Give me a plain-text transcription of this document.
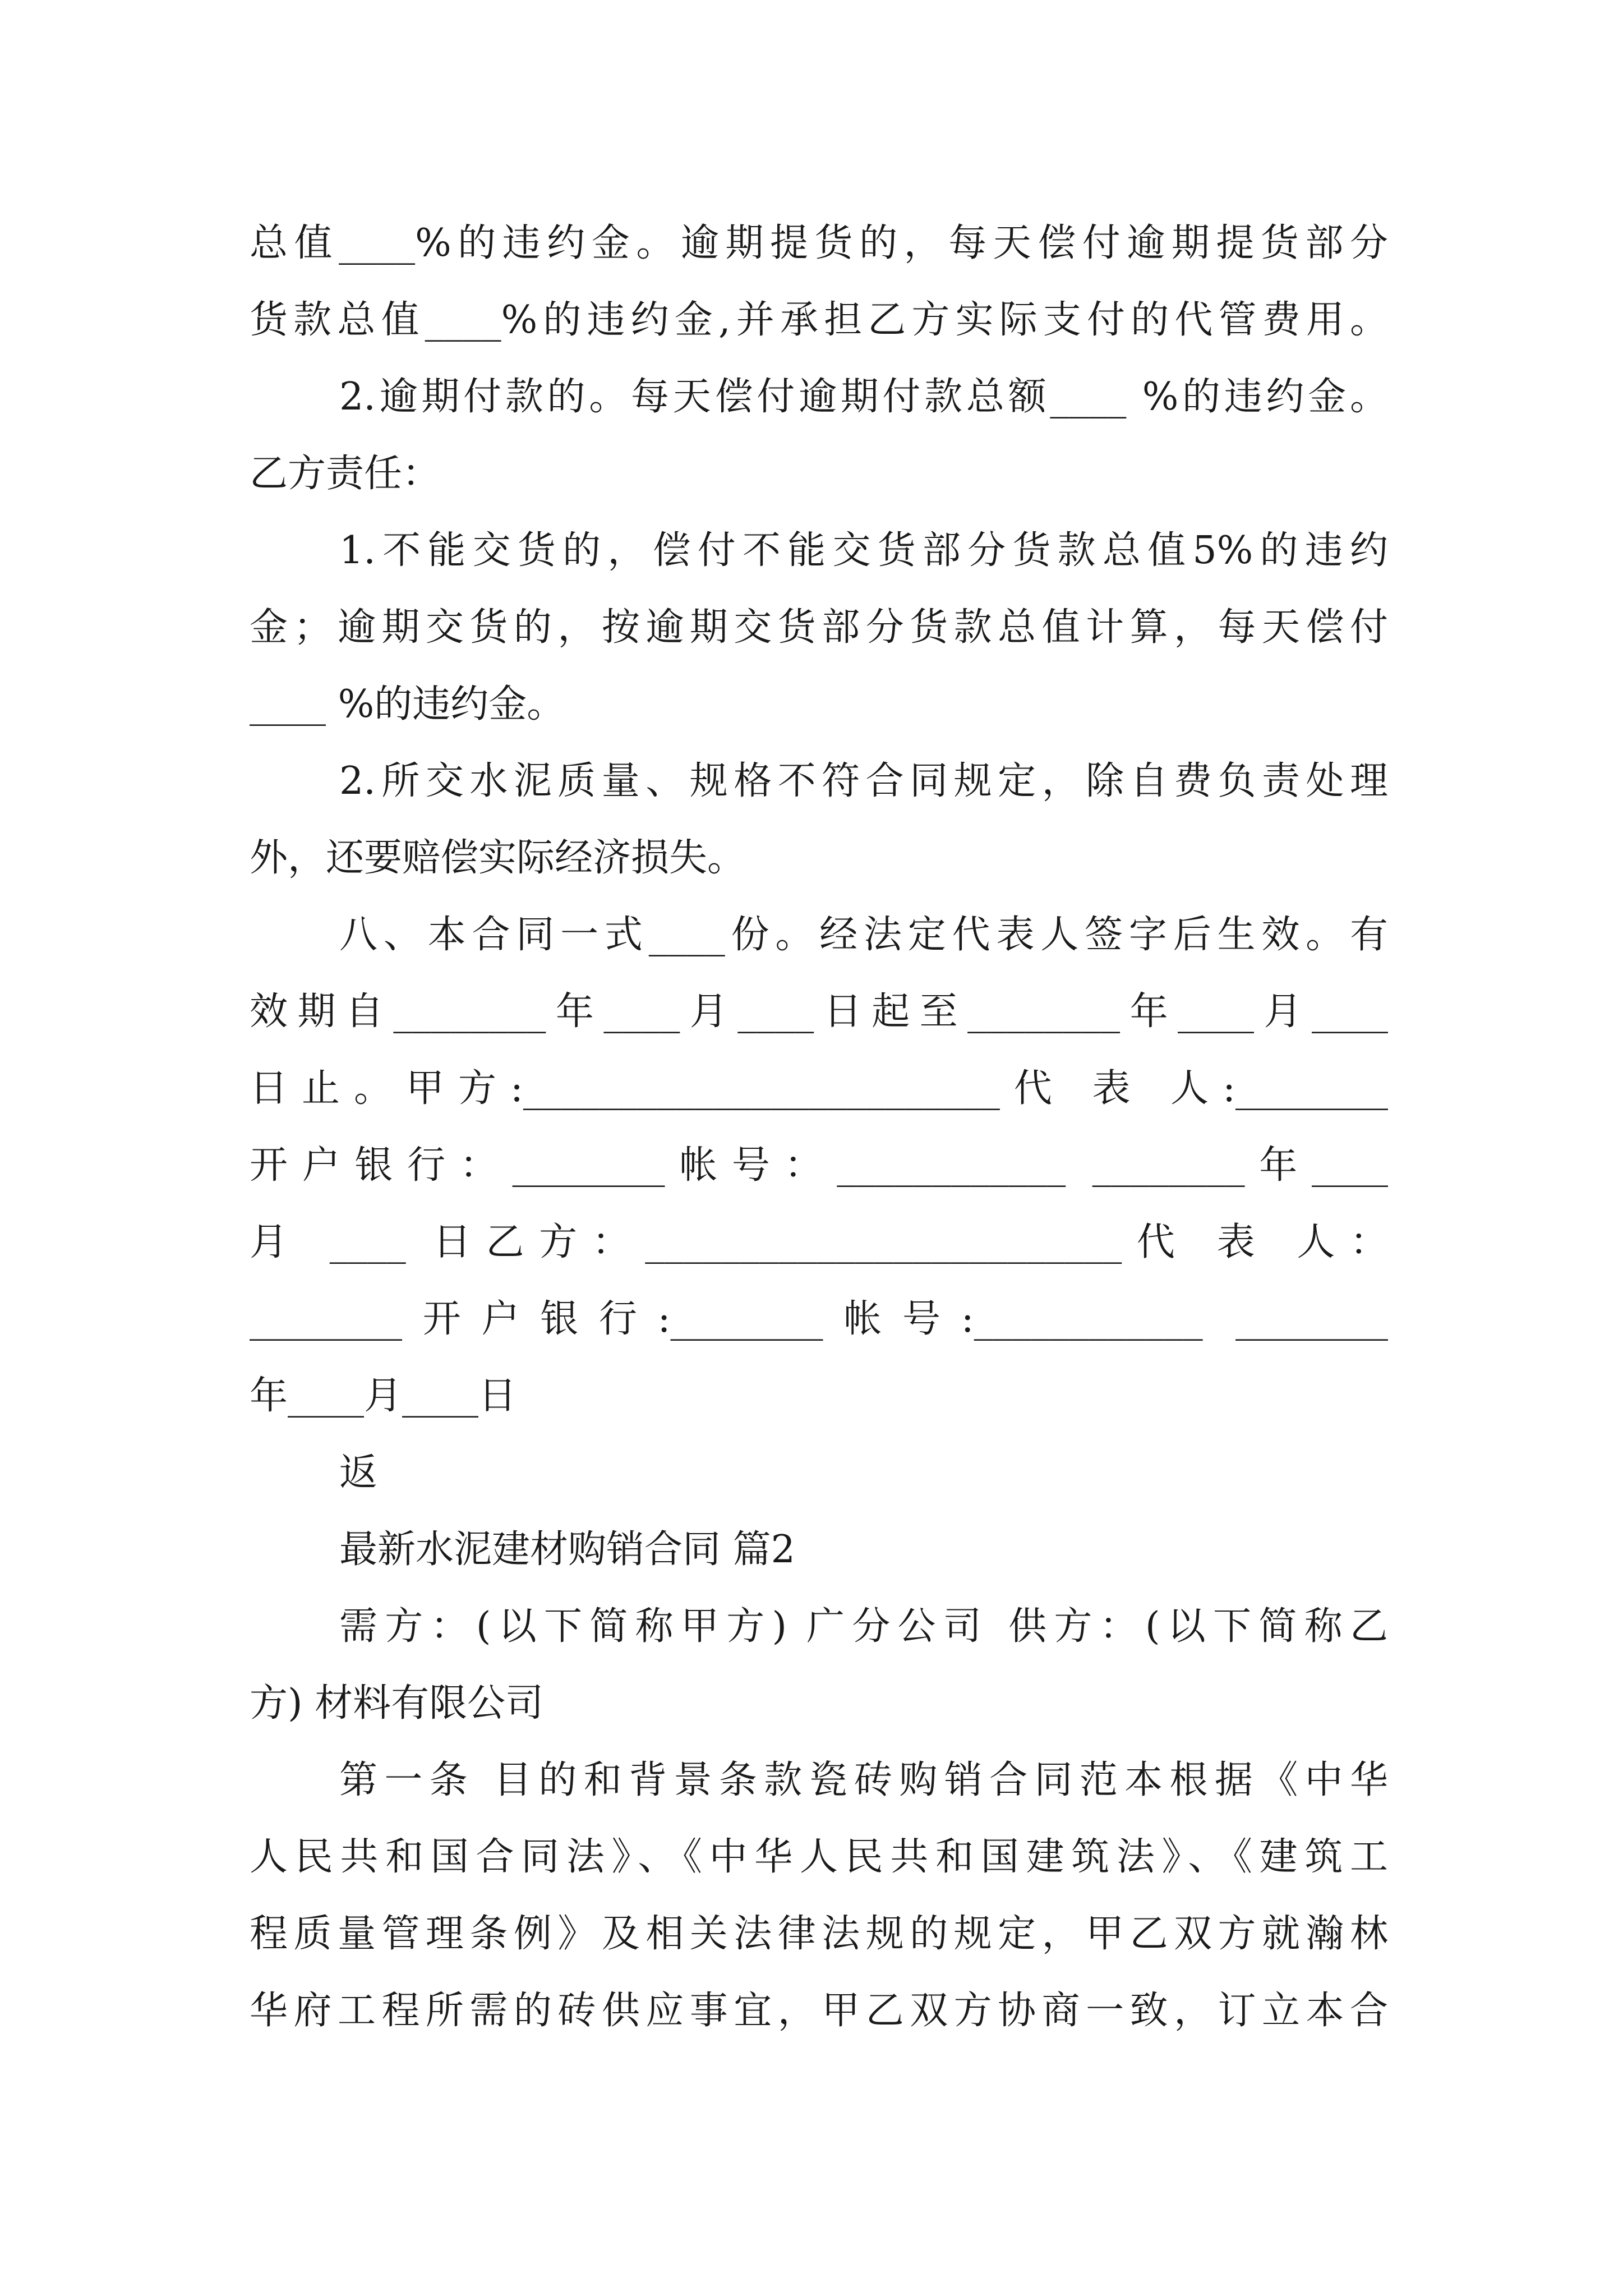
总值____%的违约金。逾期提货的，每天偿付逾期提货部分
货款总值____%的违约金,并承担乙方实际支付的代管费用。
2.逾期付款的。每天偿付逾期付款总额____ %的违约金。
乙方责任：
1.不能交货的，偿付不能交货部分货款总值5%的违约
金；逾期交货的，按逾期交货部分货款总值计算，每天偿付
____ %的违约金。
2.所交水泥质量、规格不符合同规定，除自费负责处理
外，还要赔偿实际经济损失。
八、本合同一式____份。经法定代表人签字后生效。有
效期自________年____月____日起至________年____月____
日止。甲方:_________________________代 表 人:________
开户银行：________帐号：____________ ________年____
月 ____ 日乙方：_________________________代 表 人：
________开户银行:________帐号:____________ ________
年____月____日
返
最新水泥建材购销合同 篇2
需方：(以下简称甲方) 广分公司 供方：(以下简称乙
方) 材料有限公司
第一条 目的和背景条款瓷砖购销合同范本根据《中华
人民共和国合同法》、《中华人民共和国建筑法》、《建筑工
程质量管理条例》及相关法律法规的规定，甲乙双方就瀚林
华府工程所需的砖供应事宜，甲乙双方协商一致，订立本合
